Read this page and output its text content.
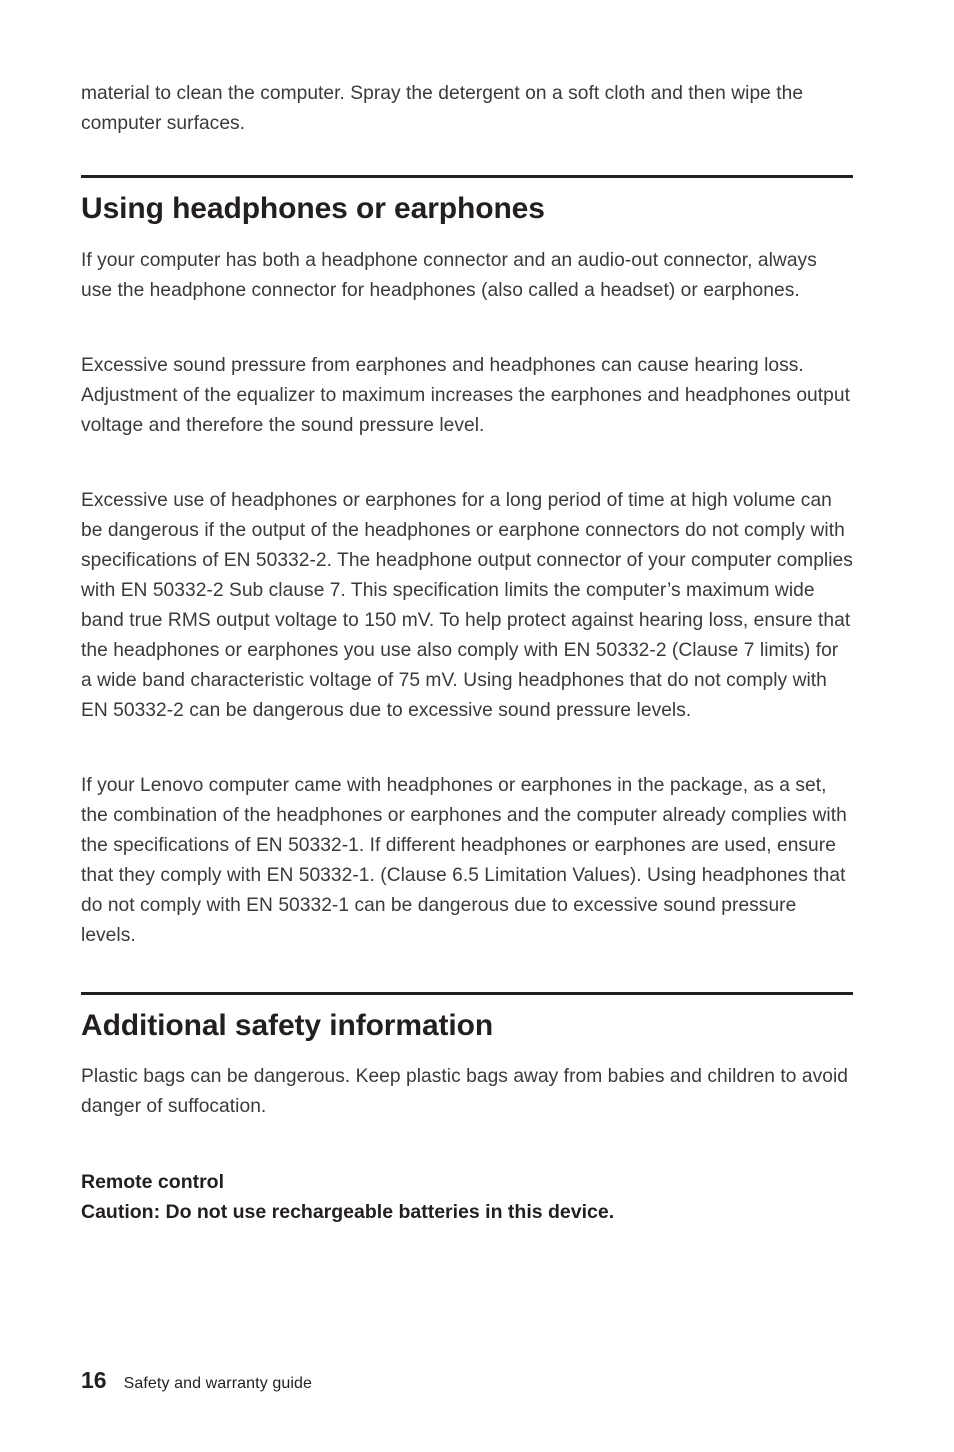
material to clean the computer. Spray the detergent on a soft cloth and then wipe the computer surfaces.

Using headphones or earphones

If your computer has both a headphone connector and an audio-out connector, always use the headphone connector for headphones (also called a headset) or earphones.

Excessive sound pressure from earphones and headphones can cause hearing loss. Adjustment of the equalizer to maximum increases the earphones and headphones output voltage and therefore the sound pressure level.

Excessive use of headphones or earphones for a long period of time at high volume can be dangerous if the output of the headphones or earphone connectors do not comply with specifications of EN 50332-2. The headphone output connector of your computer complies with EN 50332-2 Sub clause 7. This specification limits the computer’s maximum wide band true RMS output voltage to 150 mV. To help protect against hearing loss, ensure that the headphones or earphones you use also comply with EN 50332-2 (Clause 7 limits) for a wide band characteristic voltage of 75 mV. Using headphones that do not comply with EN 50332-2 can be dangerous due to excessive sound pressure levels.

If your Lenovo computer came with headphones or earphones in the package, as a set, the combination of the headphones or earphones and the computer already complies with the specifications of EN 50332-1. If different headphones or earphones are used, ensure that they comply with EN 50332-1. (Clause 6.5 Limitation Values). Using headphones that do not comply with EN 50332-1 can be dangerous due to excessive sound pressure levels.

Additional safety information

Plastic bags can be dangerous. Keep plastic bags away from babies and children to avoid danger of suffocation.

Remote control

Caution: Do not use rechargeable batteries in this device.

16 Safety and warranty guide
